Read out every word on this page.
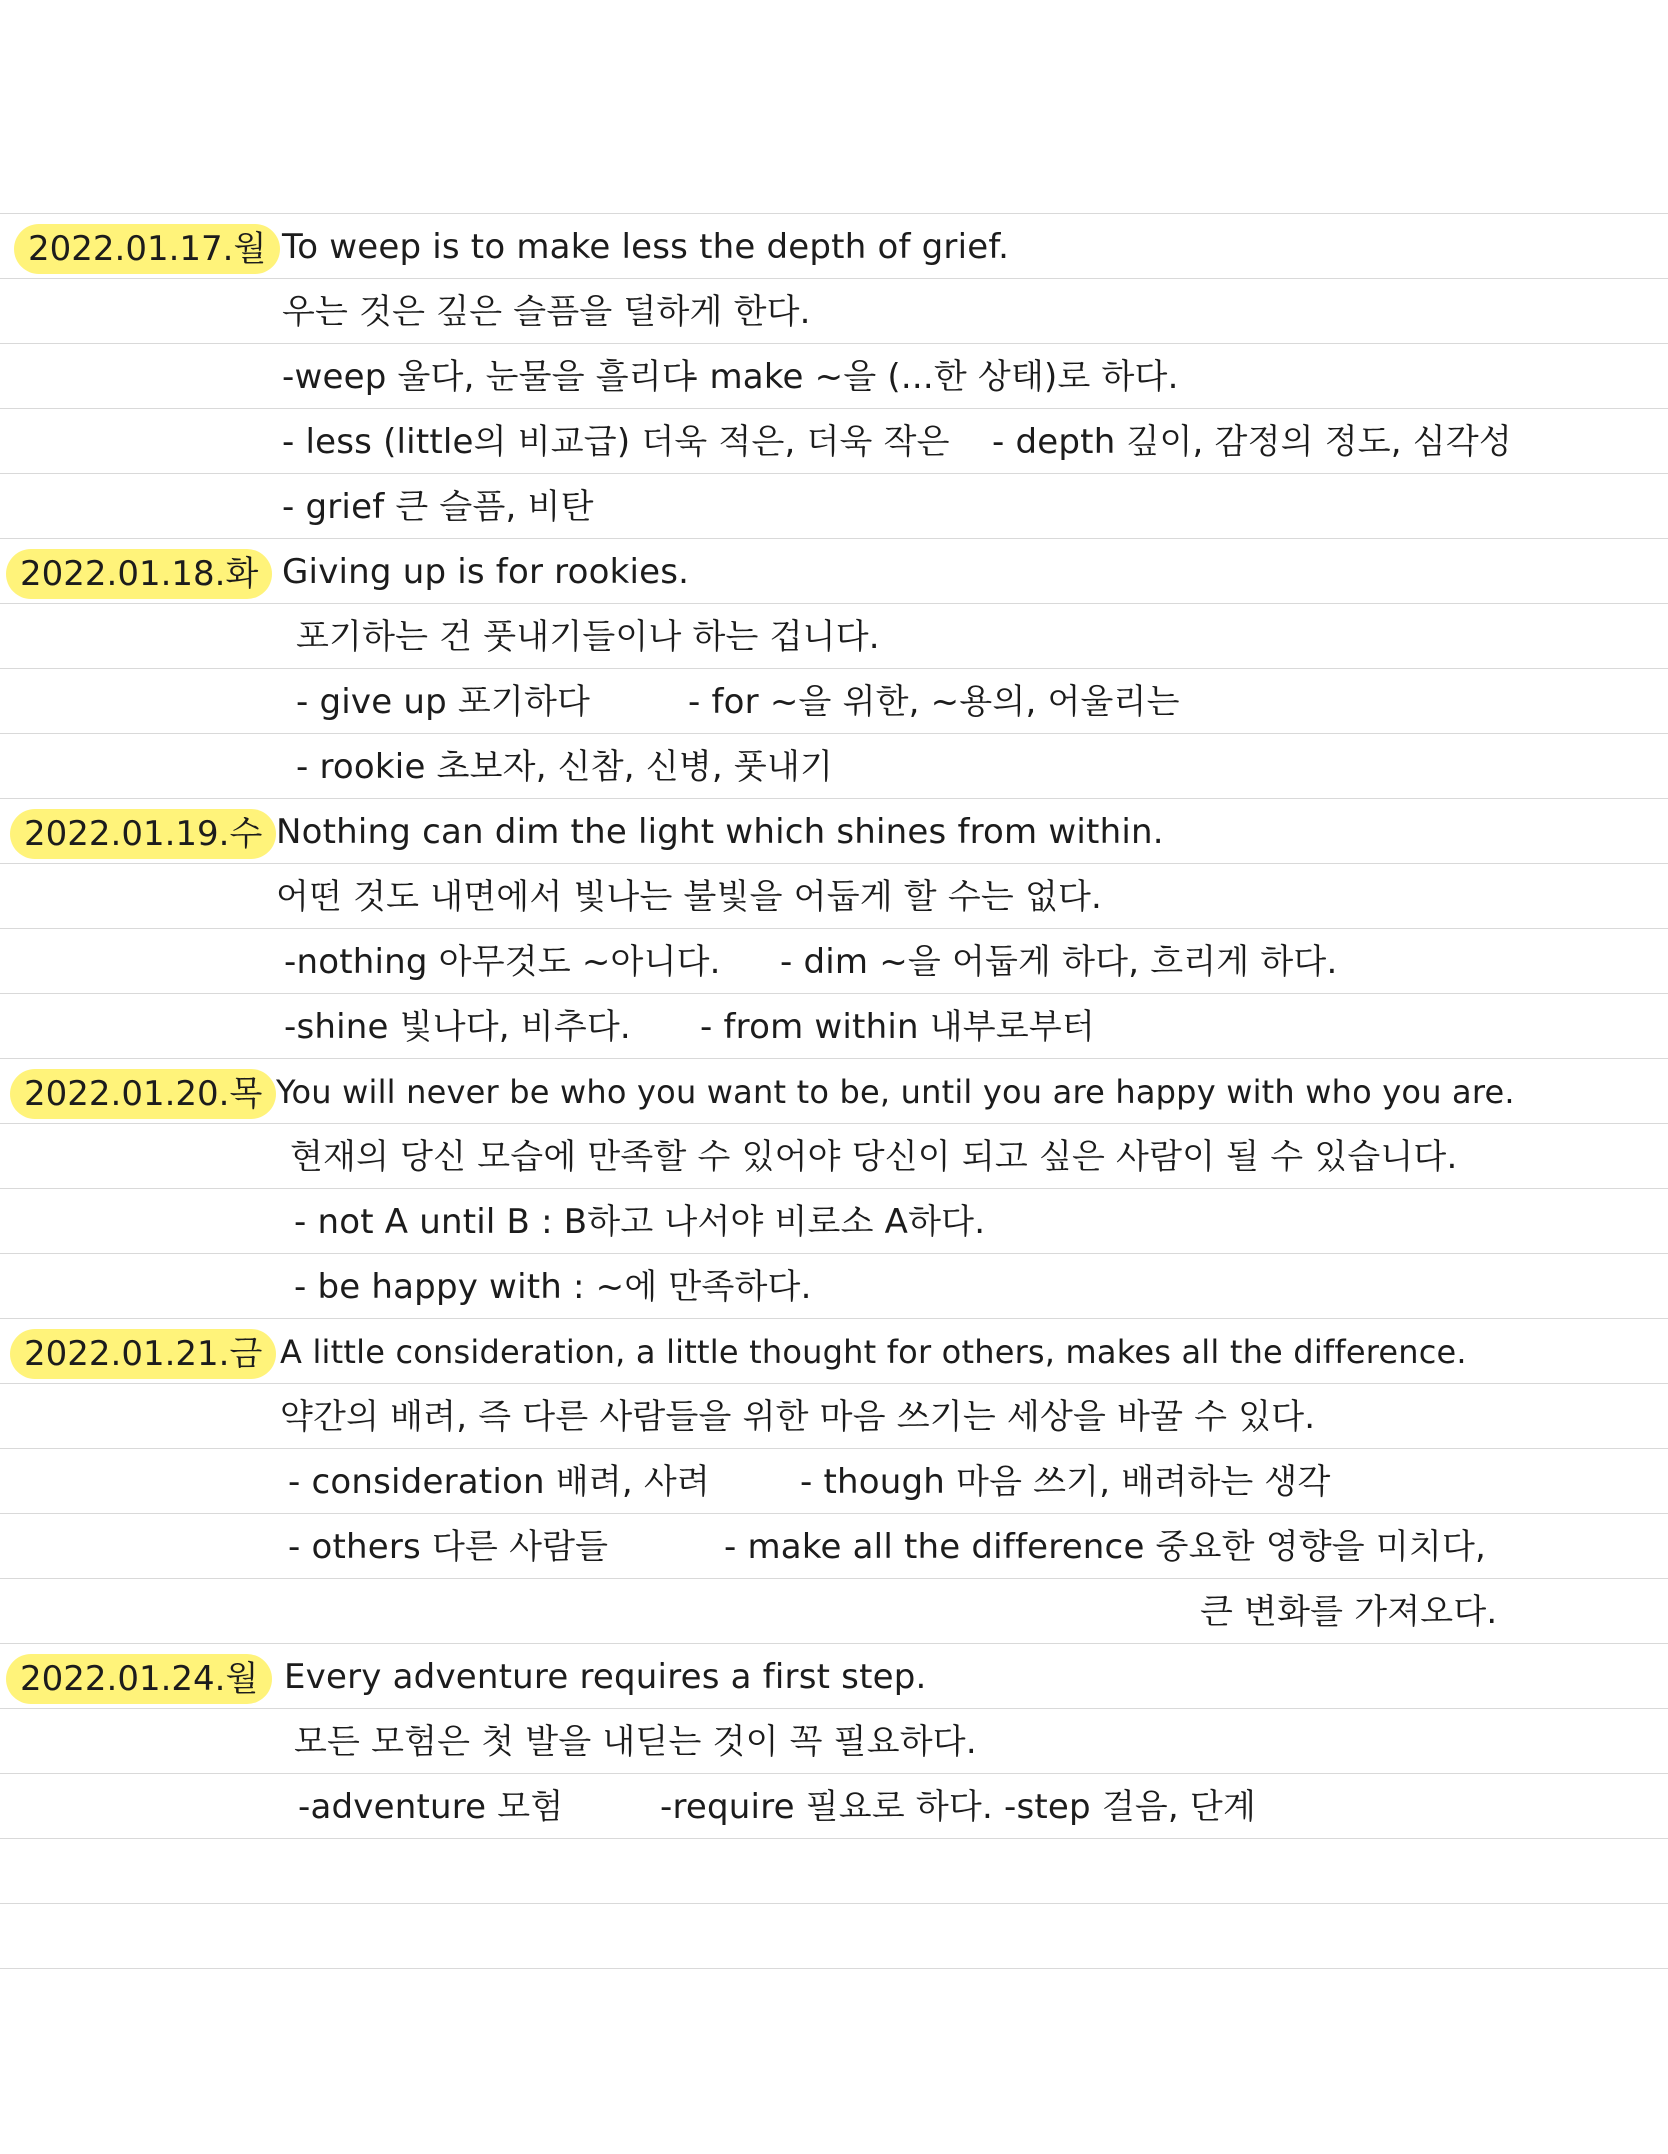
2022.01.17.월 To weep is to make less the depth of grief.
우는 것은 깊은 슬픔을 덜하게 한다.
-weep 울다, 눈물을 흘리다
- make ~을 (...한 상태)로 하다.
- less (little의 비교급) 더욱 적은, 더욱 작은 - depth 깊이, 감정의 정도, 심각성
- grief 큰 슬픔, 비탄
2022.01.18.화 Giving up is for rookies.
포기하는 건 풋내기들이나 하는 겁니다.
- give up 포기하다	- for ~을 위한, ~용의, 어울리는
- rookie 초보자, 신참, 신병, 풋내기
2022.01.19.수 Nothing can dim the light which shines from within.
어떤 것도 내면에서 빛나는 불빛을 어둡게 할 수는 없다.
-nothing 아무것도 ~아니다. - dim ~을 어둡게 하다, 흐리게 하다.
-shine 빛나다, 비추다. - from within 내부로부터
2022.01.20.목 You will never be who you want to be, until you are happy with who you are.
현재의 당신 모습에 만족할 수 있어야 당신이 되고 싶은 사람이 될 수 있습니다.
- not A until B : B하고 나서야 비로소 A하다.
- be happy with : ~에 만족하다.
2022.01.21.금 A little consideration, a little thought for others, makes all the difference.
약간의 배려, 즉 다른 사람들을 위한 마음 쓰기는 세상을 바꿀 수 있다.
- consideration 배려, 사려	- though 마음 쓰기, 배려하는 생각
- others 다른 사람들	- make all the difference 중요한 영향을 미치다,
큰 변화를 가져오다.
2022.01.24.월 Every adventure requires a first step.
모든 모험은 첫 발을 내딛는 것이 꼭 필요하다.
-adventure 모험	-require 필요로 하다. -step 걸음, 단계
